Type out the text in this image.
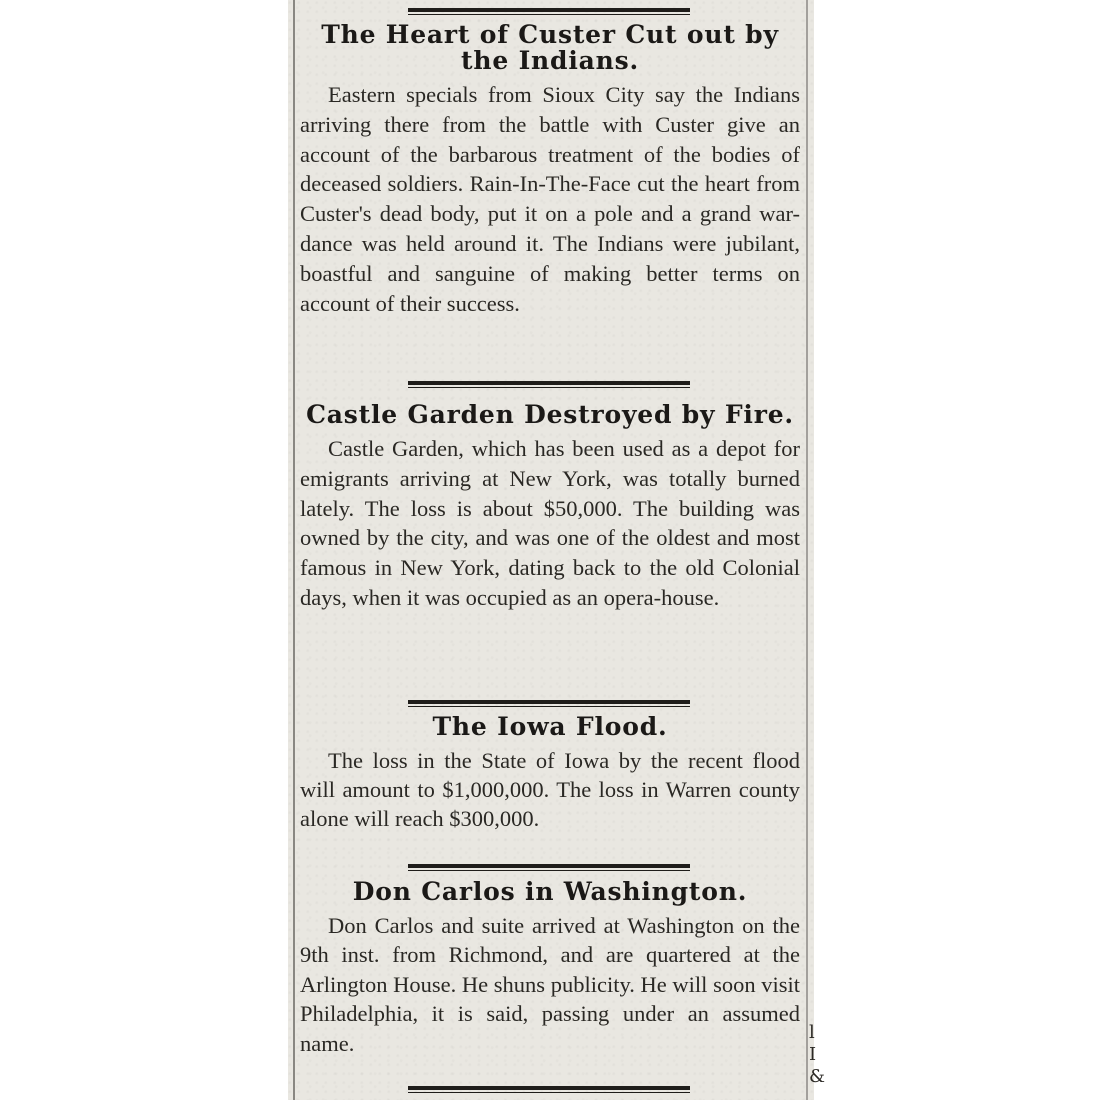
The Heart of Custer Cut out by the Indians.
Eastern specials from Sioux City say the Indians arriving there from the battle with Custer give an account of the barbarous treatment of the bodies of deceased soldiers. Rain-In-The-Face cut the heart from Custer's dead body, put it on a pole and a grand war-dance was held around it. The Indians were jubilant, boastful and sanguine of making better terms on account of their success.
Castle Garden Destroyed by Fire.
Castle Garden, which has been used as a depot for emigrants arriving at New York, was totally burned lately. The loss is about $50,000. The building was owned by the city, and was one of the oldest and most famous in New York, dating back to the old Colonial days, when it was occupied as an opera-house.
The Iowa Flood.
The loss in the State of Iowa by the recent flood will amount to $1,000,000. The loss in Warren county alone will reach $300,000.
Don Carlos in Washington.
Don Carlos and suite arrived at Washington on the 9th inst. from Richmond, and are quartered at the Arlington House. He shuns publicity. He will soon visit Philadelphia, it is said, passing under an assumed name.	l
I
&
